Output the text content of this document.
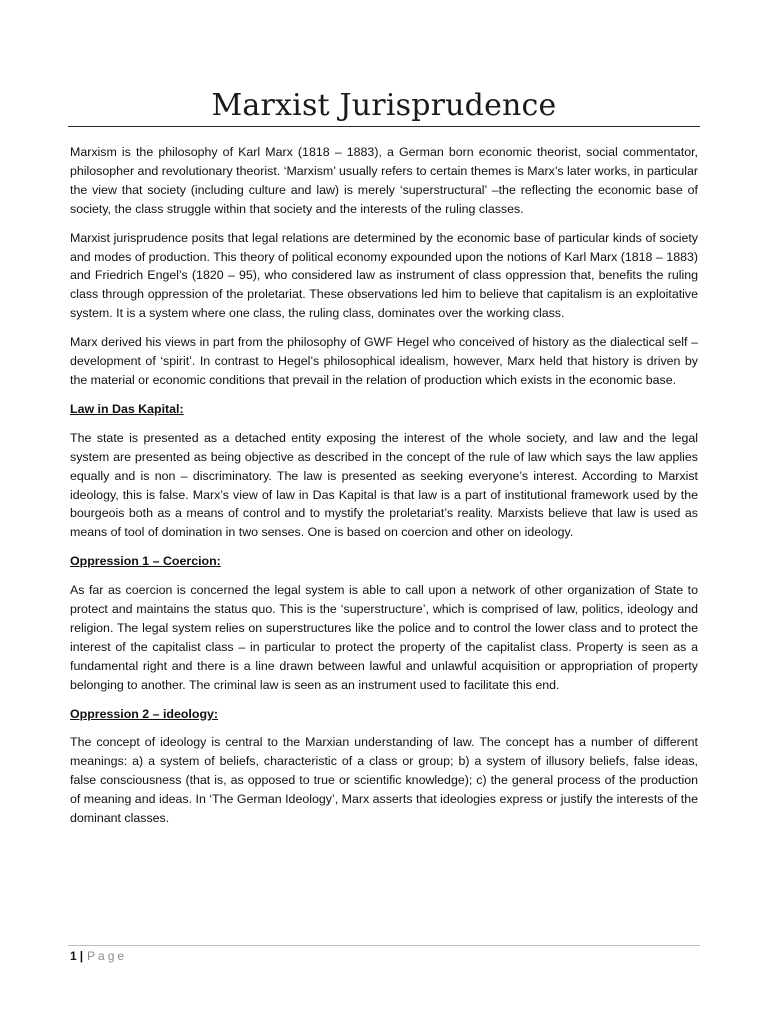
Marxist Jurisprudence

Marxism is the philosophy of Karl Marx (1818 – 1883), a German born economic theorist, social commentator, philosopher and revolutionary theorist. ‘Marxism’ usually refers to certain themes is Marx’s later works, in particular the view that society (including culture and law) is merely ‘superstructural’ –the reflecting the economic base of society, the class struggle within that society and the interests of the ruling classes.

Marxist jurisprudence posits that legal relations are determined by the economic base of particular kinds of society and modes of production. This theory of political economy expounded upon the notions of Karl Marx (1818 – 1883) and Friedrich Engel’s (1820 – 95), who considered law as instrument of class oppression that, benefits the ruling class through oppression of the proletariat. These observations led him to believe that capitalism is an exploitative system. It is a system where one class, the ruling class, dominates over the working class.

Marx derived his views in part from the philosophy of GWF Hegel who conceived of history as the dialectical self – development of ‘spirit’. In contrast to Hegel’s philosophical idealism, however, Marx held that history is driven by the material or economic conditions that prevail in the relation of production which exists in the economic base.

Law in Das Kapital:

The state is presented as a detached entity exposing the interest of the whole society, and law and the legal system are presented as being objective as described in the concept of the rule of law which says the law applies equally and is non – discriminatory. The law is presented as seeking everyone’s interest. According to Marxist ideology, this is false. Marx’s view of law in Das Kapital is that law is a part of institutional framework used by the bourgeois both as a means of control and to mystify the proletariat’s reality. Marxists believe that law is used as means of tool of domination in two senses. One is based on coercion and other on ideology.

Oppression 1 – Coercion:

As far as coercion is concerned the legal system is able to call upon a network of other organization of State to protect and maintains the status quo. This is the ‘superstructure’, which is comprised of law, politics, ideology and religion. The legal system relies on superstructures like the police and to control the lower class and to protect the interest of the capitalist class – in particular to protect the property of the capitalist class. Property is seen as a fundamental right and there is a line drawn between lawful and unlawful acquisition or appropriation of property belonging to another. The criminal law is seen as an instrument used to facilitate this end.

Oppression 2 – ideology:

The concept of ideology is central to the Marxian understanding of law. The concept has a number of different meanings: a) a system of beliefs, characteristic of a class or group; b) a system of illusory beliefs, false ideas, false consciousness (that is, as opposed to true or scientific knowledge); c) the general process of the production of meaning and ideas. In ‘The German Ideology’, Marx asserts that ideologies express or justify the interests of the dominant classes.

1 | Page
